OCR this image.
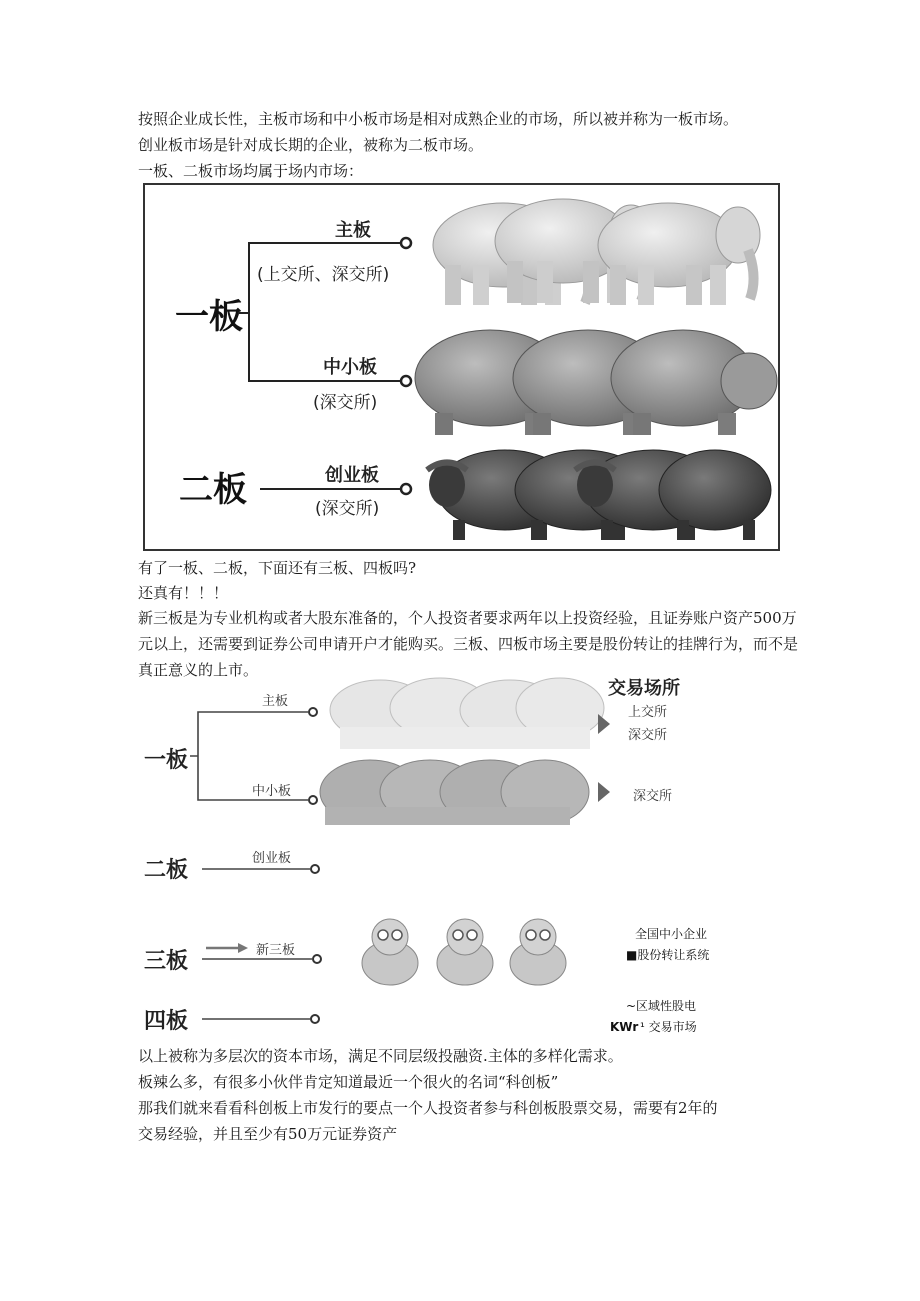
按照企业成长性，主板市场和中小板市场是相对成熟企业的市场，所以被并称为一板市场。

创业板市场是针对成长期的企业，被称为二板市场。

一板、二板市场均属于场内市场：

一板
二板
主板
(上交所、深交所)
中小板
(深交所)
创业板
(深交所)

有了一板、二板，下面还有三板、四板吗?

还真有！！！

新三板是为专业机构或者大股东准备的，个人投资者要求两年以上投资经验，且证券账户资产500万元以上，还需要到证券公司申请开户才能购买。三板、四板市场主要是股份转让的挂牌行为，而不是真正意义的上市。

交易场所
一板
二板
三板
四板
主板
中小板
创业板
新三板
上交所
深交所
深交所
全国中小企业
■股份转让系统
~区域性股电
KWr ¹ 交易市场

以上被称为多层次的资本市场，满足不同层级投融资.主体的多样化需求。

板辣么多，有很多小伙伴肯定知道最近一个很火的名词“科创板”

那我们就来看看科创板上市发行的要点一个人投资者参与科创板股票交易，需要有2年的

交易经验，并且至少有50万元证券资产
